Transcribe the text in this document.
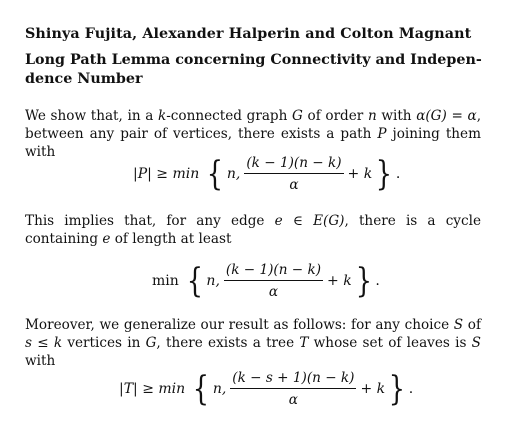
Shinya Fujita, Alexander Halperin and Colton Magnant
Long Path Lemma concerning Connectivity and Indepen- dence Number
We show that, in a k-connected graph G of order n with α(G) = α, between any pair of vertices, there exists a path P joining them with
|P| ≥ min { n, $\frac{(k - 1)(n - k)}{\alpha} + k$ } .
This implies that, for any edge e ∈ E(G), there is a cycle containing e of length at least
min { n, $\frac{(k - 1)(n - k)}{\alpha} + k$ } .
Moreover, we generalize our result as follows: for any choice S of s ≤ k vertices in G, there exists a tree T whose set of leaves is S with
|T| ≥ min { n, $\frac{(k - s + 1)(n - k)}{\alpha} + k$ } .
